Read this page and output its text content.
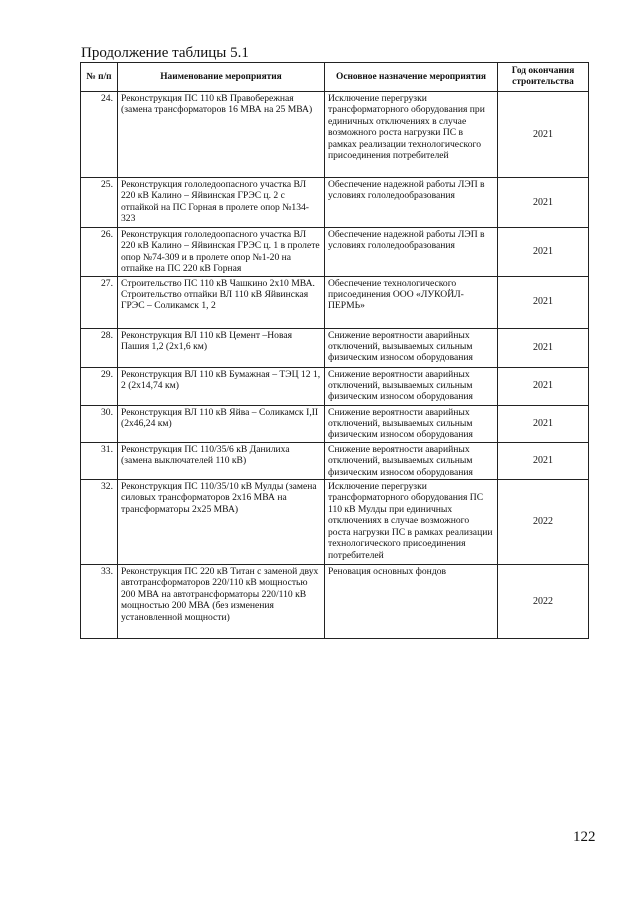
Продолжение таблицы 5.1
№ п/п	Наименование мероприятия	Основное назначение мероприятия	Год окончания строительства
24.	Реконструкция ПС 110 кВ Правобережная (замена трансформаторов 16 МВА на 25 МВА)	Исключение перегрузки трансформаторного оборудования при единичных отключениях в случае возможного роста нагрузки ПС в рамках реализации технологического присоединения потребителей	2021
25.	Реконструкция гололедоопасного участка ВЛ 220 кВ Калино – Яйвинская ГРЭС ц. 2 с отпайкой на ПС Горная в пролете опор №134-323	Обеспечение надежной работы ЛЭП в условиях гололедообразования	2021
26.	Реконструкция гололедоопасного участка ВЛ 220 кВ Калино – Яйвинская ГРЭС ц. 1 в пролете опор №74-309 и в пролете опор №1-20 на отпайке на ПС 220 кВ Горная	Обеспечение надежной работы ЛЭП в условиях гололедообразования	2021
27.	Строительство ПС 110 кВ Чашкино 2х10 МВА. Строительство отпайки ВЛ 110 кВ Яйвинская ГРЭС – Соликамск 1, 2	Обеспечение технологического присоединения ООО «ЛУКОЙЛ-ПЕРМЬ»	2021
28.	Реконструкция ВЛ 110 кВ Цемент –Новая Пашия 1,2 (2х1,6 км)	Снижение вероятности аварийных отключений, вызываемых сильным физическим износом оборудования	2021
29.	Реконструкция ВЛ 110 кВ Бумажная – ТЭЦ 12 1, 2 (2х14,74 км)	Снижение вероятности аварийных отключений, вызываемых сильным физическим износом оборудования	2021
30.	Реконструкция ВЛ 110 кВ Яйва – Соликамск I,II (2х46,24 км)	Снижение вероятности аварийных отключений, вызываемых сильным физическим износом оборудования	2021
31.	Реконструкция ПС 110/35/6 кВ Данилиха (замена выключателей 110 кВ)	Снижение вероятности аварийных отключений, вызываемых сильным физическим износом оборудования	2021
32.	Реконструкция ПС 110/35/10 кВ Мулды (замена силовых трансформаторов 2х16 МВА на трансформаторы 2х25 МВА)	Исключение перегрузки трансформаторного оборудования ПС 110 кВ Мулды при единичных отключениях в случае возможного роста нагрузки ПС в рамках реализации технологического присоединения потребителей	2022
33.	Реконструкция ПС 220 кВ Титан с заменой двух автотрансформаторов 220/110 кВ мощностью 200 МВА на автотрансформаторы 220/110 кВ мощностью 200 МВА (без изменения установленной мощности)	Реновация основных фондов	2022
122
